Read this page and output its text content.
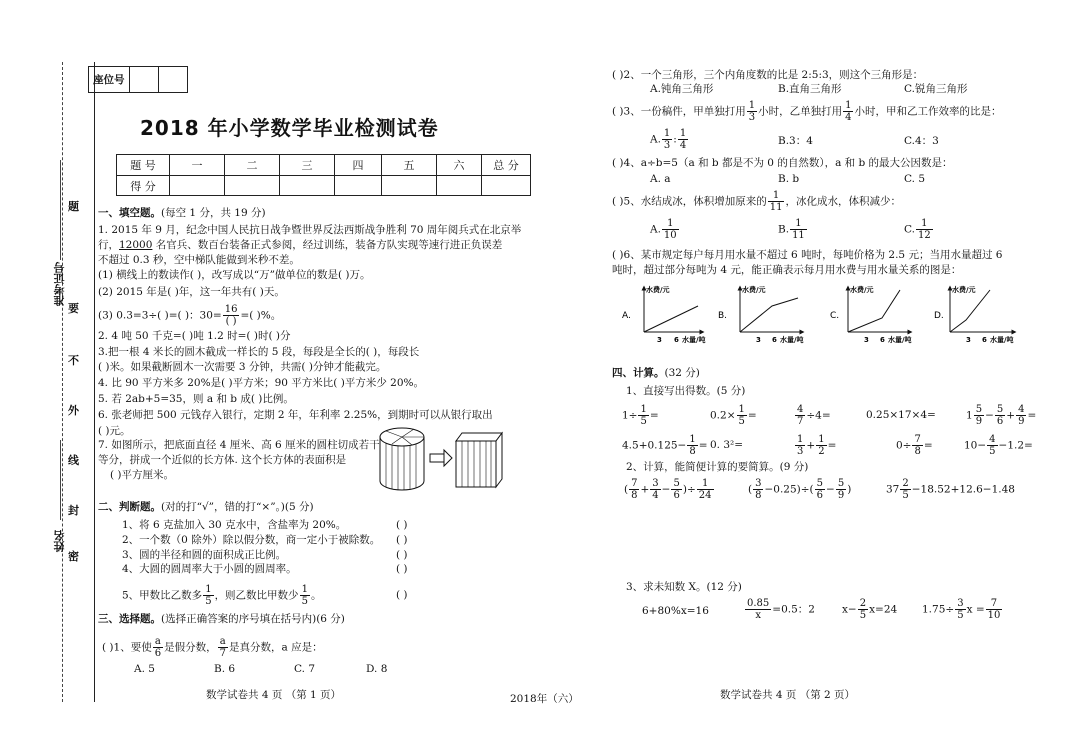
姓名
准考证号
题
要
不
外
线
封
密
座位号		
2018 年小学数学毕业检测试卷
题 号	一	二	三	四	五	六	总 分
得 分							
一、填空题。(每空 1 分，共 19 分)
1. 2015 年 9 月，纪念中国人民抗日战争暨世界反法西斯战争胜利 70 周年阅兵式在北京举
行，12000 名官兵、数百台装备正式参阅，经过训练，装备方队实现等速行进正负误差
不超过 0.3 秒，空中梯队能做到米秒不差。
(1) 横线上的数读作( )，改写成以“万”做单位的数是( )万。
(2) 2015 年是( )年，这一年共有( )天。
(3) 0.3=3÷( )=( )：$30= \frac{16}{( )}$ =( )%。
2. 4 吨 50 千克=( )吨 1.2 时=( )时( )分
3.把一根 4 米长的圆木截成一样长的 5 段，每段是全长的( )，每段长
( )米。如果截断圆木一次需要 3 分钟，共需( )分钟才能截完。
4. 比 90 平方米多 20%是( )平方米；90 平方米比( )平方米少 20%。
5. 若 2ab+5=35，则 a 和 b 成( )比例。
6. 张老师把 500 元钱存入银行，定期 2 年，年利率 2.25%，到期时可以从银行取出
( )元。
7. 如图所示，把底面直径 4 厘米、高 6 厘米的圆柱切成若干
等分，拼成一个近似的长方体. 这个长方体的表面积是
( )平方厘米。
二、判断题。(对的打“√”，错的打“×”。)(5 分)
1、将 6 克盐加入 30 克水中，含盐率为 20%。	( )
2、一个数（0 除外）除以假分数，商一定小于被除数。 ( )
3、圆的半径和圆的面积成正比例。	( )
4、大圆的圆周率大于小圆的圆周率。	( )
5、甲数比乙数多 $\frac{1}{5}$ ，则乙数比甲数少 $\frac{1}{5}$ 。	( )
三、选择题。(选择正确答案的序号填在括号内)(6 分)
( )1、要使 $\frac{a}{6}$ 是假分数， $\frac{a}{7}$ 是真分数，a 应是：
A. 5	B. 6	C. 7	D. 8
数学试卷共 4 页 （第 1 页）	2018年（六）
( )2、一个三角形，三个内角度数的比是 2:5:3，则这个三角形是：
A.钝角三角形	B.直角三角形	C.锐角三角形
( )3、一份稿件，甲单独打用 $\frac{1}{3}$ 小时，乙单独打用 $\frac{1}{4}$ 小时，甲和乙工作效率的比是：
A. $\frac{1}{3}$ : $\frac{1}{4}$	B.3：4	C.4：3
( )4、a÷b=5（a 和 b 都是不为 0 的自然数），a 和 b 的最大公因数是：
A. a	B. b	C. 5
( )5、水结成冰，体积增加原来的 $\frac{1}{11}$ ，冰化成水，体积减少：
A. $\frac{1}{10}$	B. $\frac{1}{11}$	C. $\frac{1}{12}$
( )6、某市规定每户每月用水量不超过 6 吨时，每吨价格为 2.5 元；当用水量超过 6
吨时，超过部分每吨为 4 元，能正确表示每月用水费与用水量关系的图是：
A.
水费/元
3 6 水量/吨
B.
水费/元
3 6 水量/吨
C.
水费/元
3 6 水量/吨
D.
水费/元
3 6 水量/吨
四、计算。(32 分)
1、直接写出得数。(5 分)
$1\div \frac{1}{5}$ =	$0.2\times \frac{1}{5}$ =	$\frac{4}{7} \div 4=$	0.25×17×4=	$1 \frac{5}{9} - \frac{5}{6} + \frac{4}{9}$ =
$4.5+0.125- \frac{1}{8} = 0$. 3²=	$\frac{1}{3} + \frac{1}{2}$ =	$0\div \frac{7}{8}$ =	$10- \frac{4}{5} -1.2=$
2、计算，能简便计算的要简算。(9 分)
( $\frac{7}{8} + \frac{3}{4} - \frac{5}{6}$ )÷ $\frac{1}{24}$	( $\frac{3}{8} -0.25)\div( \frac{5}{6} - \frac{5}{9}$ )	$37 \frac{2}{5} -18.52+12.6-1.48$
3、求未知数 X。(12 分)
6+80%x=16	$\frac{0.85}{x} =0.5$：2	$x- \frac{2}{5} x=24$ $1.75\div \frac{3}{5}$ $x = \frac{7}{10}$
数学试卷共 4 页 （第 2 页）
